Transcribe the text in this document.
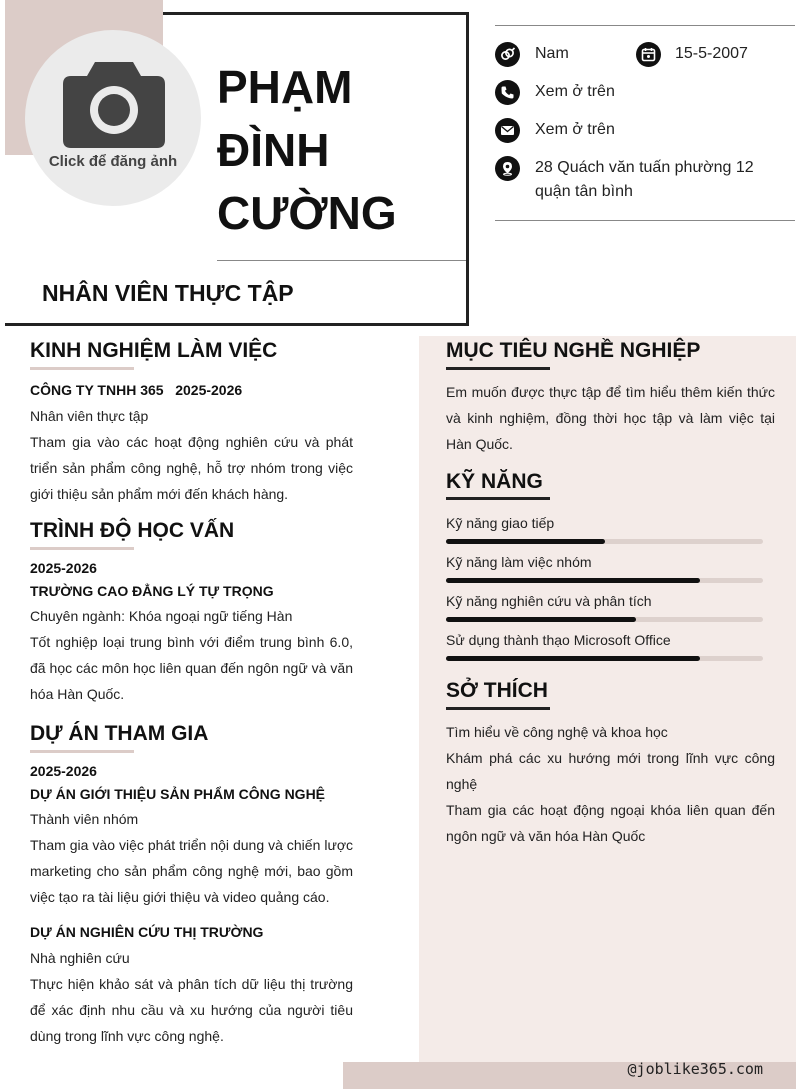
Click để đăng ảnh
PHẠM
ĐÌNH
CƯỜNG
NHÂN VIÊN THỰC TẬP
Nam	15-5-2007
Xem ở trên
Xem ở trên
28 Quách văn tuấn phường 12
quận tân bình
KINH NGHIỆM LÀM VIỆC
CÔNG TY TNHH 365   2025-2026
Nhân viên thực tập
Tham gia vào các hoạt động nghiên cứu và phát triển sản phẩm công nghệ, hỗ trợ nhóm trong việc giới thiệu sản phẩm mới đến khách hàng.
TRÌNH ĐỘ HỌC VẤN
2025-2026
TRƯỜNG CAO ĐẲNG LÝ TỰ TRỌNG
Chuyên ngành: Khóa ngoại ngữ tiếng Hàn
Tốt nghiệp loại trung bình với điểm trung bình 6.0, đã học các môn học liên quan đến ngôn ngữ và văn hóa Hàn Quốc.
DỰ ÁN THAM GIA
2025-2026
DỰ ÁN GIỚI THIỆU SẢN PHẨM CÔNG NGHỆ
Thành viên nhóm
Tham gia vào việc phát triển nội dung và chiến lược marketing cho sản phẩm công nghệ mới, bao gồm việc tạo ra tài liệu giới thiệu và video quảng cáo.
DỰ ÁN NGHIÊN CỨU THỊ TRƯỜNG
Nhà nghiên cứu
Thực hiện khảo sát và phân tích dữ liệu thị trường để xác định nhu cầu và xu hướng của người tiêu dùng trong lĩnh vực công nghệ.
MỤC TIÊU NGHỀ NGHIỆP
Em muốn được thực tập để tìm hiểu thêm kiến thức và kinh nghiệm, đồng thời học tập và làm việc tại Hàn Quốc.
KỸ NĂNG
Kỹ năng giao tiếp
Kỹ năng làm việc nhóm
Kỹ năng nghiên cứu và phân tích
Sử dụng thành thạo Microsoft Office
SỞ THÍCH
Tìm hiểu về công nghệ và khoa học
Khám phá các xu hướng mới trong lĩnh vực công nghệ
Tham gia các hoạt động ngoại khóa liên quan đến ngôn ngữ và văn hóa Hàn Quốc
@joblike365.com
